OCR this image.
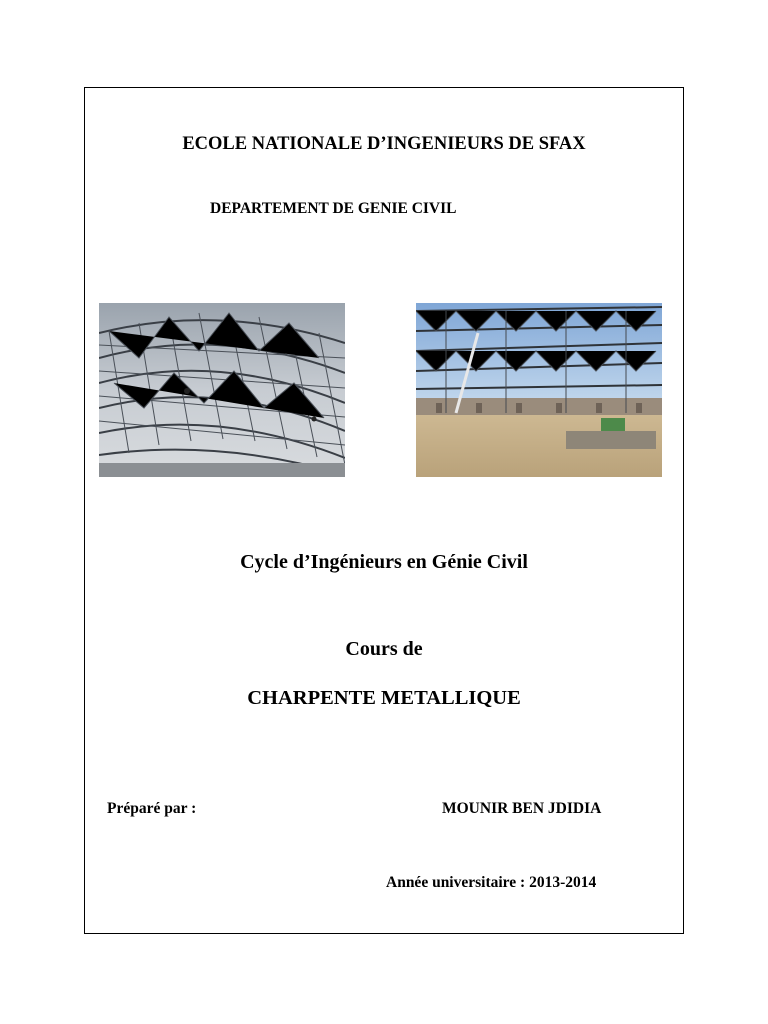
ECOLE NATIONALE D’INGENIEURS DE SFAX
DEPARTEMENT DE GENIE CIVIL
Cycle d’Ingénieurs en Génie Civil
Cours de
CHARPENTE METALLIQUE
Préparé par :	MOUNIR BEN JDIDIA
Année universitaire : 2013-2014
